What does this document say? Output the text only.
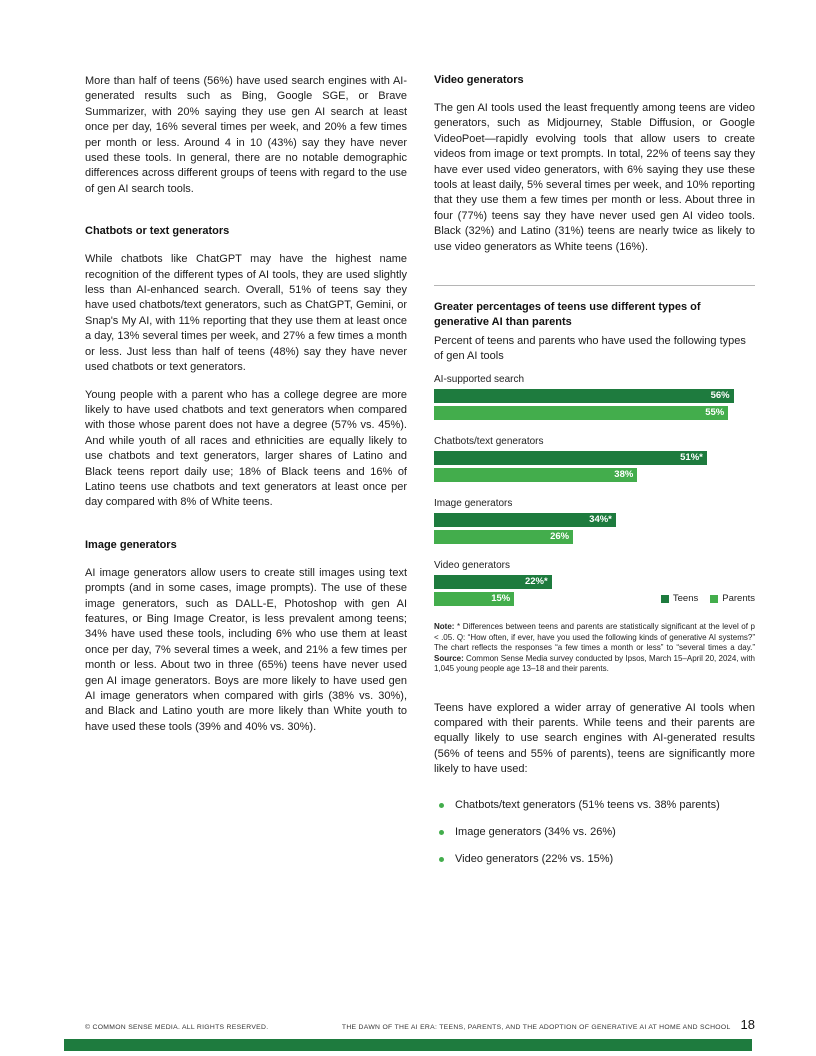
More than half of teens (56%) have used search engines with AI-generated results such as Bing, Google SGE, or Brave Summarizer, with 20% saying they use gen AI search at least once per day, 16% several times per week, and 20% a few times per month or less. Around 4 in 10 (43%) say they have never used these tools. In general, there are no notable demographic differences across different groups of teens with regard to the use of gen AI search tools.

Chatbots or text generators

While chatbots like ChatGPT may have the highest name recognition of the different types of AI tools, they are used slightly less than AI-enhanced search. Overall, 51% of teens say they have used chatbots/text generators, such as ChatGPT, Gemini, or Snap's My AI, with 11% reporting that they use them at least once a day, 13% several times per week, and 27% a few times a month or less. Just less than half of teens (48%) say they have never used chatbots or text generators.

Young people with a parent who has a college degree are more likely to have used chatbots and text generators when compared with those whose parent does not have a degree (57% vs. 45%). And while youth of all races and ethnicities are equally likely to use chatbots and text generators, larger shares of Latino and Black teens report daily use; 18% of Black teens and 16% of Latino teens use chatbots and text generators at least once per day compared with 8% of White teens.

Image generators

AI image generators allow users to create still images using text prompts (and in some cases, image prompts). The use of these image generators, such as DALL-E, Photoshop with gen AI features, or Bing Image Creator, is less prevalent among teens; 34% have used these tools, including 6% who use them at least once per day, 7% several times a week, and 21% a few times per month or less. About two in three (65%) teens have never used gen AI image generators. Boys are more likely to have used gen AI image generators when compared with girls (38% vs. 30%), and Black and Latino youth are more likely than White youth to have used these tools (39% and 40% vs. 30%).

Video generators

The gen AI tools used the least frequently among teens are video generators, such as Midjourney, Stable Diffusion, or Google VideoPoet—rapidly evolving tools that allow users to create videos from image or text prompts. In total, 22% of teens say they have ever used video generators, with 6% saying they use these tools at least daily, 5% several times per week, and 10% reporting that they use them a few times per month or less. About three in four (77%) teens say they have never used gen AI video tools. Black (32%) and Latino (31%) teens are nearly twice as likely to use video generators as White teens (16%).

Greater percentages of teens use different types of generative AI than parents
Percent of teens and parents who have used the following types of gen AI tools
AI-supported search
56%
55%
Chatbots/text generators
51%*
38%
Image generators
34%*
26%
Video generators
22%*
15%	Teens	Parents

Note: * Differences between teens and parents are statistically significant at the level of p < .05. Q: “How often, if ever, have you used the following kinds of generative AI systems?” The chart reflects the responses “a few times a month or less” to “several times a day.” Source: Common Sense Media survey conducted by Ipsos, March 15–April 20, 2024, with 1,045 young people age 13–18 and their parents.

Teens have explored a wider array of generative AI tools when compared with their parents. While teens and their parents are equally likely to use search engines with AI-generated results (56% of teens and 55% of parents), teens are significantly more likely to have used:

Chatbots/text generators (51% teens vs. 38% parents)
Image generators (34% vs. 26%)
Video generators (22% vs. 15%)
© COMMON SENSE MEDIA. ALL RIGHTS RESERVED.	THE DAWN OF THE AI ERA: TEENS, PARENTS, AND THE ADOPTION OF GENERATIVE AI AT HOME AND SCHOOL 18
